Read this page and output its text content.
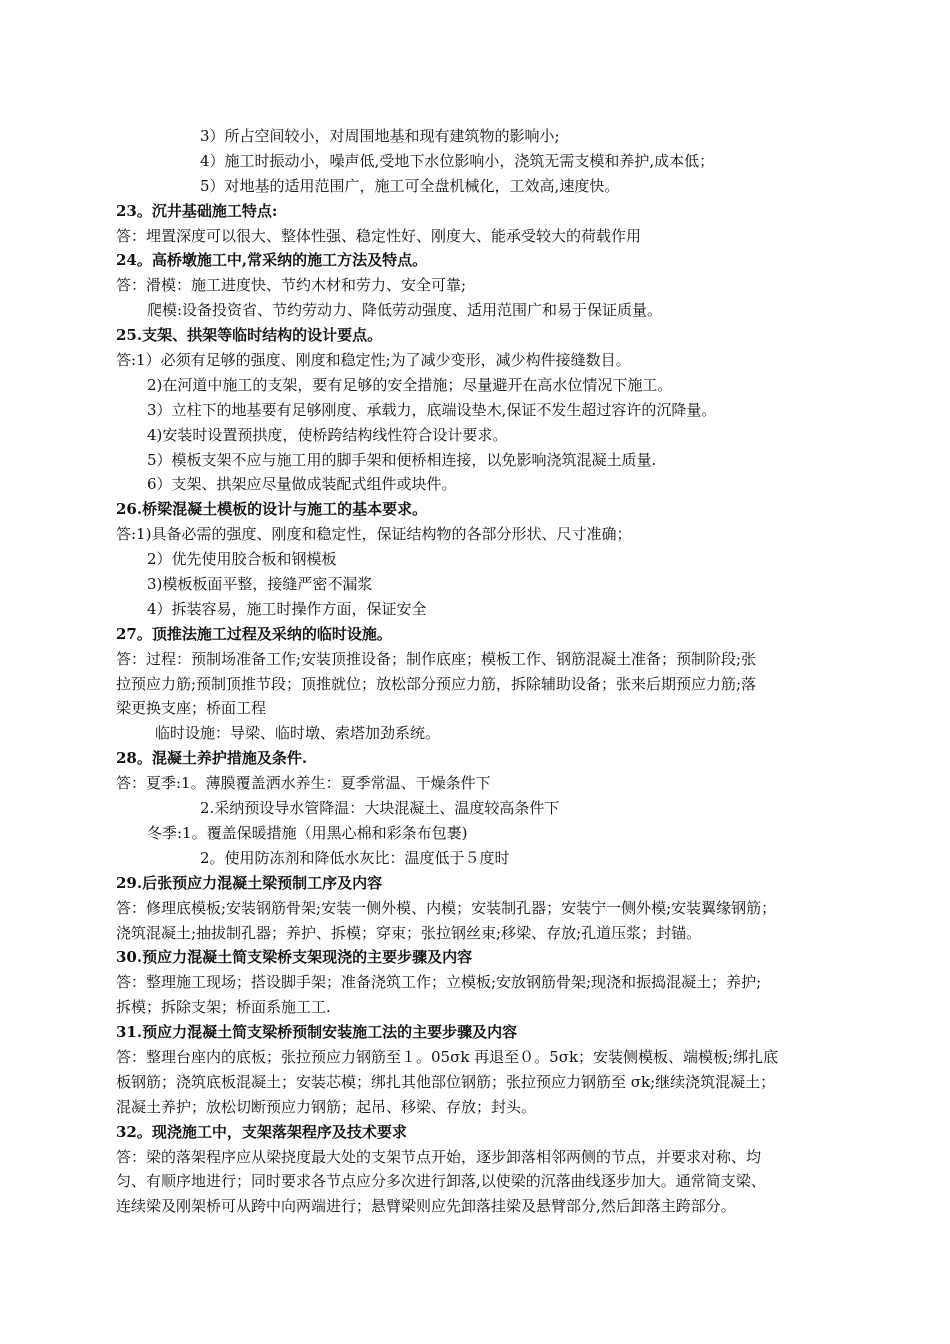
3）所占空间较小，对周围地基和现有建筑物的影响小;
4）施工时振动小，噪声低,受地下水位影响小，浇筑无需支模和养护,成本低；
5）对地基的适用范围广，施工可全盘机械化，工效高,速度快。
23。沉井基础施工特点:
答：埋置深度可以很大、整体性强、稳定性好、刚度大、能承受较大的荷载作用
24。高桥墩施工中,常采纳的施工方法及特点。
答：滑模：施工进度快、节约木材和劳力、安全可靠;
爬模:设备投资省、节约劳动力、降低劳动强度、适用范围广和易于保证质量。
25.支架、拱架等临时结构的设计要点。
答:1）必须有足够的强度、刚度和稳定性;为了减少变形，减少构件接缝数目。
2)在河道中施工的支架，要有足够的安全措施；尽量避开在高水位情况下施工。
3）立柱下的地基要有足够刚度、承载力，底端设垫木,保证不发生超过容许的沉降量。
4)安装时设置预拱度，使桥跨结构线性符合设计要求。
5）模板支架不应与施工用的脚手架和便桥相连接，以免影响浇筑混凝土质量.
6）支架、拱架应尽量做成装配式组件或块件。
26.桥梁混凝土模板的设计与施工的基本要求。
答:1)具备必需的强度、刚度和稳定性，保证结构物的各部分形状、尺寸准确；
2）优先使用胶合板和钢模板
3)模板板面平整，接缝严密不漏浆
4）拆装容易，施工时操作方面，保证安全
27。顶推法施工过程及采纳的临时设施。
答：过程：预制场准备工作;安装顶推设备；制作底座；模板工作、钢筋混凝土准备；预制阶段;张
拉预应力筋;预制顶推节段；顶推就位；放松部分预应力筋，拆除辅助设备；张来后期预应力筋;落
梁更换支座；桥面工程
临时设施：导梁、临时墩、索塔加劲系统。
28。混凝土养护措施及条件.
答：夏季:1。薄膜覆盖洒水养生：夏季常温、干燥条件下
2.采纳预设导水管降温：大块混凝土、温度较高条件下
冬季:1。覆盖保暖措施（用黑心棉和彩条布包裹)
2。使用防冻剂和降低水灰比：温度低于５度时
29.后张预应力混凝土梁预制工序及内容
答：修理底模板;安装钢筋骨架;安装一侧外模、内模；安装制孔器；安装宁一侧外模;安装翼缘钢筋；
浇筑混凝土;抽拔制孔器；养护、拆模；穿束；张拉钢丝束;移梁、存放;孔道压浆；封锚。
30.预应力混凝土简支梁桥支架现浇的主要步骤及内容
答：整理施工现场；搭设脚手架；准备浇筑工作；立模板;安放钢筋骨架;现浇和振捣混凝土；养护;
拆模；拆除支架；桥面系施工工.
31.预应力混凝土简支梁桥预制安装施工法的主要步骤及内容
答：整理台座内的底板；张拉预应力钢筋至１。05σk 再退至０。5σk；安装侧模板、端模板;绑扎底
板钢筋；浇筑底板混凝土；安装芯模；绑扎其他部位钢筋；张拉预应力钢筋至 σk;继续浇筑混凝土；
混凝土养护；放松切断预应力钢筋；起吊、移梁、存放；封头。
32。现浇施工中，支架落架程序及技术要求
答：梁的落架程序应从梁挠度最大处的支架节点开始，逐步卸落相邻两侧的节点，并要求对称、均
匀、有顺序地进行；同时要求各节点应分多次进行卸落,以使梁的沉落曲线逐步加大。通常简支梁、
连续梁及刚架桥可从跨中向两端进行；悬臂梁则应先卸落挂梁及悬臂部分,然后卸落主跨部分。
